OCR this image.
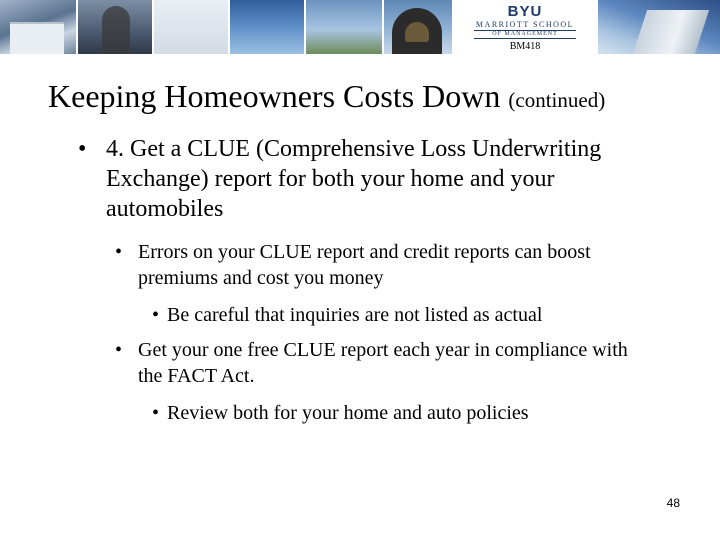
BYU
MARRIOTT SCHOOL
OF MANAGEMENT
BM418
Keeping Homeowners Costs Down (continued)
• 4. Get a CLUE (Comprehensive Loss Underwriting Exchange) report for both your home and your automobiles
• Errors on your CLUE report and credit reports can boost premiums and cost you money
• Be careful that inquiries are not listed as actual
• Get your one free CLUE report each year in compliance with the FACT Act.
• Review both for your home and auto policies
48
